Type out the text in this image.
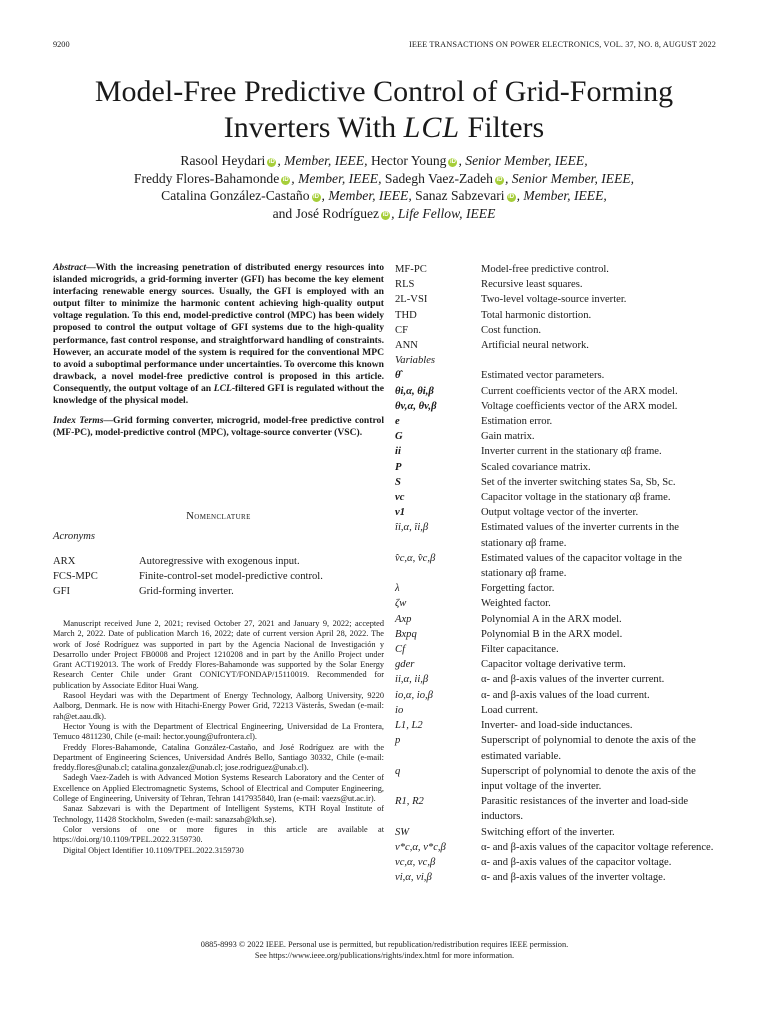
9200	IEEE TRANSACTIONS ON POWER ELECTRONICS, VOL. 37, NO. 8, AUGUST 2022
Model-Free Predictive Control of Grid-Forming
Inverters With LCL Filters
Rasool Heydari iD , Member, IEEE, Hector Young iD , Senior Member, IEEE,
Freddy Flores-Bahamonde iD , Member, IEEE, Sadegh Vaez-Zadeh iD , Senior Member, IEEE,
Catalina González-Castaño iD , Member, IEEE, Sanaz Sabzevari iD , Member, IEEE,
and José Rodríguez iD , Life Fellow, IEEE

Abstract—With the increasing penetration of distributed energy resources into islanded microgrids, a grid-forming inverter (GFI) has become the key element interfacing renewable energy sources. Usually, the GFI is employed with an output filter to minimize the harmonic content achieving high-quality output voltage regulation. To this end, model-predictive control (MPC) has been widely proposed to control the output voltage of GFI systems due to the high-quality performance, fast control response, and straightforward handling of constraints. However, an accurate model of the system is required for the conventional MPC to avoid a suboptimal performance under uncertainties. To overcome this known drawback, a novel model-free predictive control is proposed in this article. Consequently, the output voltage of an LCL-filtered GFI is regulated without the knowledge of the physical model.

Index Terms—Grid forming converter, microgrid, model-free predictive control (MF-PC), model-predictive control (MPC), voltage-source converter (VSC).

Nomenclature
Acronyms
ARX	Autoregressive with exogenous input.
FCS-MPC	Finite-control-set model-predictive control.
GFI	Grid-forming inverter.

Manuscript received June 2, 2021; revised October 27, 2021 and January 9, 2022; accepted March 2, 2022. Date of publication March 16, 2022; date of current version April 28, 2022. The work of José Rodríguez was supported in part by the Agencia Nacional de Investigación y Desarrollo under Project FB0008 and Project 1210208 and in part by the Anillo Project under Grant ACT192013. The work of Freddy Flores-Bahamonde was supported by the Solar Energy Research Center Chile under Grant CONICYT/FONDAP/15110019. Recommended for publication by Associate Editor Huai Wang.

Rasool Heydari was with the Department of Energy Technology, Aalborg University, 9220 Aalborg, Denmark. He is now with Hitachi-Energy Power Grid, 72213 Västerås, Swedan (e-mail: rah@et.aau.dk).

Hector Young is with the Department of Electrical Engineering, Universidad de La Frontera, Temuco 4811230, Chile (e-mail: hector.young@ufrontera.cl).

Freddy Flores-Bahamonde, Catalina González-Castaño, and José Rodríguez are with the Department of Engineering Sciences, Universidad Andrés Bello, Santiago 30332, Chile (e-mail: freddy.flores@unab.cl; catalina.gonzalez@unab.cl; jose.rodriguez@unab.cl).

Sadegh Vaez-Zadeh is with Advanced Motion Systems Research Laboratory and the Center of Excellence on Applied Electromagnetic Systems, School of Electrical and Computer Engineering, College of Engineering, University of Tehran, Tehran 1417935840, Iran (e-mail: vaezs@ut.ac.ir).

Sanaz Sabzevari is with the Department of Intelligent Systems, KTH Royal Institute of Technology, 11428 Stockholm, Sweden (e-mail: sanazsab@kth.se).

Color versions of one or more figures in this article are available at https://doi.org/10.1109/TPEL.2022.3159730.

Digital Object Identifier 10.1109/TPEL.2022.3159730

MF-PC	Model-free predictive control.
RLS	Recursive least squares.
2L-VSI	Two-level voltage-source inverter.
THD	Total harmonic distortion.
CF	Cost function.
ANN	Artificial neural network.
Variables
θ̂	Estimated vector parameters.
θi,α, θi,β	Current coefficients vector of the ARX model.
θv,α, θv,β	Voltage coefficients vector of the ARX model.
e	Estimation error.
G	Gain matrix.
ii	Inverter current in the stationary αβ frame.
P	Scaled covariance matrix.
S	Set of the inverter switching states Sa, Sb, Sc.
vc	Capacitor voltage in the stationary αβ frame.
v1	Output voltage vector of the inverter.
îi,α, îi,β	Estimated values of the inverter currents in the stationary αβ frame.
v̂c,α, v̂c,β	Estimated values of the capacitor voltage in the stationary αβ frame.
λ	Forgetting factor.
ζw	Weighted factor.
Axp	Polynomial A in the ARX model.
Bxpq	Polynomial B in the ARX model.
Cf	Filter capacitance.
gder	Capacitor voltage derivative term.
ii,α, ii,β	α- and β-axis values of the inverter current.
io,α, io,β	α- and β-axis values of the load current.
io	Load current.
L1, L2	Inverter- and load-side inductances.
p	Superscript of polynomial to denote the axis of the estimated variable.
q	Superscript of polynomial to denote the axis of the input voltage of the inverter.
R1, R2	Parasitic resistances of the inverter and load-side inductors.
SW	Switching effort of the inverter.
v*c,α, v*c,β	α- and β-axis values of the capacitor voltage reference.
vc,α, vc,β	α- and β-axis values of the capacitor voltage.
vi,α, vi,β	α- and β-axis values of the inverter voltage.
0885-8993 © 2022 IEEE. Personal use is permitted, but republication/redistribution requires IEEE permission.
See https://www.ieee.org/publications/rights/index.html for more information.
